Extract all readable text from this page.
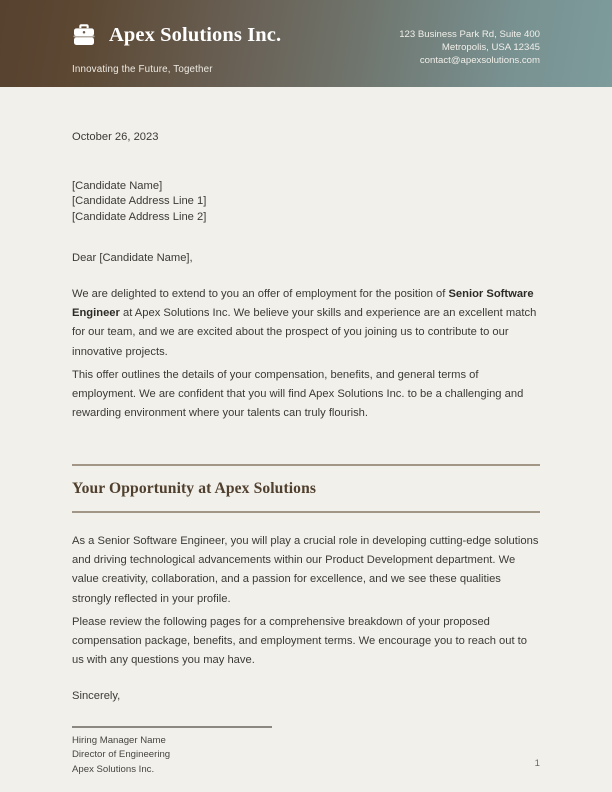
Apex Solutions Inc.
Innovating the Future, Together
123 Business Park Rd, Suite 400
Metropolis, USA 12345
contact@apexsolutions.com
October 26, 2023
[Candidate Name]
[Candidate Address Line 1]
[Candidate Address Line 2]
Dear [Candidate Name],

We are delighted to extend to you an offer of employment for the position of Senior Software Engineer at Apex Solutions Inc. We believe your skills and experience are an excellent match for our team, and we are excited about the prospect of you joining us to contribute to our innovative projects.

This offer outlines the details of your compensation, benefits, and general terms of employment. We are confident that you will find Apex Solutions Inc. to be a challenging and rewarding environment where your talents can truly flourish.

Your Opportunity at Apex Solutions

As a Senior Software Engineer, you will play a crucial role in developing cutting-edge solutions and driving technological advancements within our Product Development department. We value creativity, collaboration, and a passion for excellence, and we see these qualities strongly reflected in your profile.

Please review the following pages for a comprehensive breakdown of your proposed compensation package, benefits, and employment terms. We encourage you to reach out to us with any questions you may have.

Sincerely,
Hiring Manager Name
Director of Engineering
Apex Solutions Inc.
1
